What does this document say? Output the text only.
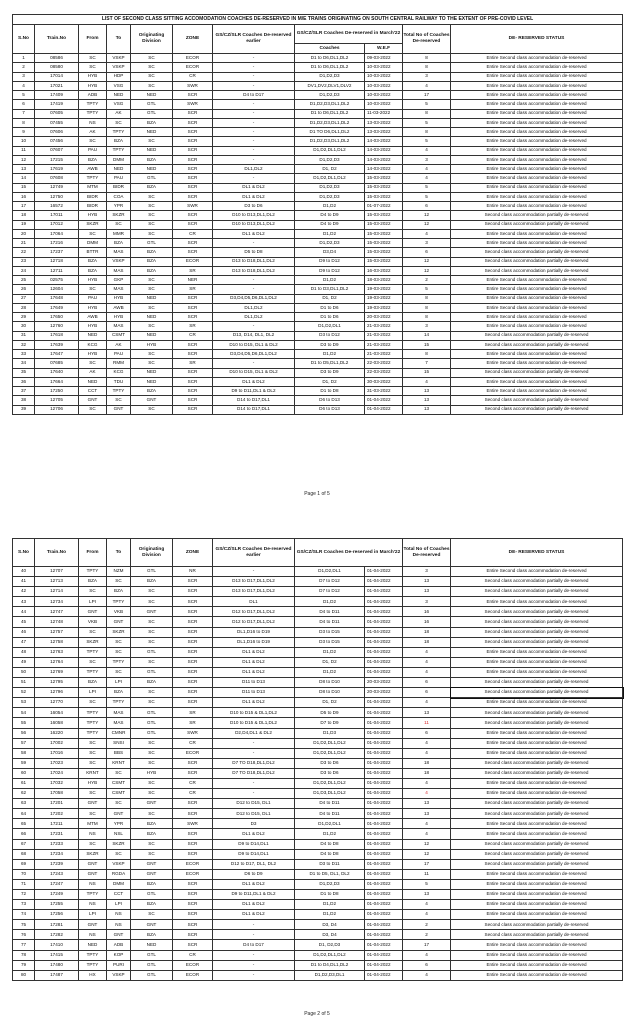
LIST OF SECOND CLASS SITTING ACCOMODATION COACHES DE-RESERVED IN M/E TRAINS ORIGINATING ON SOUTH CENTRAL RAILWAY TO THE EXTENT OF PRE-COVID LEVEL										
S.No	Train.No	From	To	Originating Division	ZONE	GS/CZ/SLR Coaches De-reserved earlier	GS/CZ/SLR Coaches De-reserved in March'22		Total No of Coaches De-reserved	DE- RESERVED STATUS
							Coaches	W.E.F		
1	08586	SC	VSKP	SC	ECOR	-	D1 to D6,DL1,DL2	09-03-2022	8	Entire Second class accommodation de-reserved
2	08580	SC	VSKP	SC	ECOR	-	D1 to D6,DL1,DL2	10-03-2022	8	Entire Second class accommodation de-reserved
3	17014	HYB	HDP	SC	CR	-	D1,D2,D3	10-03-2022	3	Entire Second class accommodation de-reserved
4	17021	HYB	VSG	SC	SWR	-	DV1,DV2,DLV1,DLV2	10-03-2022	4	Entire Second class accommodation de-reserved
5	17409	ADB	NED	NED	SCR	D4 to D17	D1,D2,D3	10-03-2022	17	Entire Second class accommodation de-reserved
6	17419	TPTY	VSG	GTL	SWR	-	D1,D2,D3,DL1,DL2	10-03-2022	5	Entire Second class accommodation de-reserved
7	07605	TPTY	AK	GTL	SCR	-	D1 to D6,DL1,DL2	11-03-2022	8	Entire Second class accommodation de-reserved
8	07455	NS	SC	BZA	SCR	-	D1,D2,D3,DL1,DL2	13-03-2022	5	Entire Second class accommodation de-reserved
9	07606	AK	TPTY	NED	SCR	-	D1 TO D6,DL1,DL2	13-03-2022	8	Entire Second class accommodation de-reserved
10	07456	SC	BZA	SC	SCR	-	D1,D2,D3,DL1,DL2	14-03-2022	5	Entire Second class accommodation de-reserved
11	07607	PAU	TPTY	NED	SCR	-	D1,D2,DL1,DL2	14-03-2022	4	Entire Second class accommodation de-reserved
12	17215	BZA	DMM	BZA	SCR	-	D1,D2,D3	14-03-2022	3	Entire Second class accommodation de-reserved
13	17619	AWB	NED	NED	SCR	DL1,DL2	D1, D2	14-03-2022	4	Entire Second class accommodation de-reserved
14	07608	TPTY	PAU	GTL	SCR	-	D1,D2,DL1,DL2	15-03-2022	4	Entire Second class accommodation de-reserved
15	12749	MTM	BIDR	BZA	SCR	DL1 & DL2	D1,D2,D3	15-03-2022	5	Entire Second class accommodation de-reserved
16	12750	BIDR	COA	SC	SCR	DL1 & DL2	D1,D2,D3	15-03-2022	5	Entire Second class accommodation de-reserved
17	16572	BIDR	YPR	SC	SWR	D3 to D6	D1,D2	01-07-2022	6	Entire Second class accommodation de-reserved
18	17011	HYB	SKZR	SC	SCR	D10 to D13,DL1,DL2	D4 to D9	15-03-2022	12	Second class accommodation partially de-reserved
19	17012	SKZR	SC	SC	SCR	D10 to D13,DL1,DL2	D4 to D9	15-03-2022	12	Second class accommodation partially de-reserved
20	17064	SC	MMR	SC	CR	DL1 & DL2	D1,D2	15-03-2022	4	Entire Second class accommodation de-reserved
21	17216	DMM	BZA	GTL	SCR	-	D1,D2,D3	15-03-2022	3	Entire Second class accommodation de-reserved
22	17237	BTTR	MAS	BZA	SCR	D5 to D8	D3,D4	15-03-2022	6	Second class accommodation partially de-reserved
23	12718	BZA	VSKP	BZA	ECOR	D13 to D18,DL1,DL2	D9 to D12	15-03-2022	12	Second class accommodation partially de-reserved
24	12711	BZA	MAS	BZA	SR	D13 to D18,DL1,DL2	D9 to D12	16-03-2022	12	Second class accommodation partially de-reserved
25	02575	HYB	GKP	SC	NER	-	D1,D2	18-03-2022	2	Entire Second class accommodation de-reserved
26	12604	SC	MAS	SC	SR	-	D1 to D3,DL1,DL2	19-03-2022	5	Entire Second class accommodation de-reserved
27	17648	PAU	HYB	NED	SCR	D3,D4,D5,D6,DL1,DL2	D1, D2	19-03-2022	8	Entire Second class accommodation de-reserved
28	17649	HYB	AWB	SC	SCR	DL1,DL2	D1 to D6	19-03-2022	8	Entire Second class accommodation de-reserved
29	17650	AWB	HYB	NED	SCR	DL1,DL2	D1 to D6	20-03-2022	8	Entire Second class accommodation de-reserved
30	12760	HYB	MAS	SC	SR	-	D1,D2,DL1	21-03-2022	3	Entire Second class accommodation de-reserved
31	17618	NED	CSMT	NED	CR	D13, D14, DL1, DL2	D3 to D12	21-03-2022	14	Second class accommodation partially de-reserved
32	17639	KCG	AK	HYB	SCR	D10 to D15, DL1 & DL2	D3 to D9	21-03-2022	15	Second class accommodation partially de-reserved
33	17647	HYB	PAU	SC	SCR	D3,D4,D5,D6,DL1,DL2	D1,D2	21-03-2022	8	Entire Second class accommodation de-reserved
34	07685	SC	RMM	SC	SR	-	D1 to D5,DL1,DL2	22-03-2022	7	Entire Second class accommodation de-reserved
35	17640	AK	KCG	NED	SCR	D10 to D15, DL1 & DL2	D3 to D9	22-03-2022	15	Second class accommodation partially de-reserved
36	17664	NED	TDU	NED	SCR	DL1 & DL2	D1, D2	30-03-2022	4	Entire Second class accommodation de-reserved
37	17250	CCT	TPTY	BZA	SCR	D9 to D11,DL1 & DL2	D1 to D8	31-03-2022	13	Entire Second class accommodation de-reserved
38	12705	GNT	SC	GNT	SCR	D14 to D17,DL1	D6 to D13	01-04-2022	13	Second class accommodation partially de-reserved
39	12706	SC	GNT	SC	SCR	D14 to D17,DL1	D6 to D13	01-04-2022	13	Second class accommodation partially de-reserved
Page 1 of 5
S.No	Train.No	From	To	Originating Division	ZONE	GS/CZ/SLR Coaches De-reserved earlier	GS/CZ/SLR Coaches De-reserved in March'22		Total No of Coaches De-reserved	DE- RESERVED STATUS
40	12707	TPTY	NZM	GTL	NR	-	D1,D2,DL1	01-04-2022	3	Entire Second class accommodation de-reserved
41	12713	BZA	SC	BZA	SCR	D13 to D17,DL1,DL2	D7 to D12	01-04-2022	13	Second class accommodation partially de-reserved
42	12714	SC	BZA	SC	SCR	D13 to D17,DL1,DL2	D7 to D12	01-04-2022	13	Second class accommodation partially de-reserved
43	12734	LPI	TPTY	SC	SCR	DL1	D1,D2	01-04-2022	3	Entire Second class accommodation de-reserved
44	12747	GNT	VKB	GNT	SCR	D12 to D17,DL1,DL2	D4 to D11	01-04-2022	16	Second class accommodation partially de-reserved
45	12748	VKB	GNT	SC	SCR	D12 to D17,DL1,DL2	D4 to D11	01-04-2022	16	Second class accommodation partially de-reserved
46	12757	SC	SKZR	SC	SCR	DL1,D16 to D19	D3 to D15	01-04-2022	18	Second class accommodation partially de-reserved
47	12758	SKZR	SC	SC	SCR	DL1,D16 to D19	D3 to D15	01-04-2022	18	Second class accommodation partially de-reserved
48	12763	TPTY	SC	GTL	SCR	DL1 & DL2	D1,D2	01-04-2022	4	Entire Second class accommodation de-reserved
49	12764	SC	TPTY	SC	SCR	DL1 & DL2	D1, D2	01-04-2022	4	Entire Second class accommodation de-reserved
50	12769	TPTY	SC	GTL	SCR	DL1 & DL2	D1,D2	01-04-2022	4	Entire Second class accommodation de-reserved
51	12795	BZA	LPI	BZA	SCR	D11 to D13	D8 to D10	20-03-2022	6	Second class accommodation partially de-reserved
52	12796	LPI	BZA	SC	SCR	D11 to D13	D8 to D10	20-03-2022	6	Second class accommodation partially de-reserved
53	12770	SC	TPTY	SC	SCR	DL1 & DL2	D1, D2	01-04-2022	4	Entire Second class accommodation de-reserved
54	16054	TPTY	MAS	GTL	SR	D10 to D15 & DL1,DL2	D5 to D9	01-04-2022	13	Second class accommodation partially de-reserved
55	16058	TPTY	MAS	GTL	SR	D10 to D15 & DL1,DL2	D7 to D9	01-04-2022	11	Second class accommodation partially de-reserved
56	16220	TPTY	CMNR	GTL	SWR	D2,D4,DL1 & DL2	D1,D3	01-04-2022	6	Entire Second class accommodation de-reserved
57	17002	SC	SNSI	SC	CR	-	D1,D2,DL1,DL2	01-04-2022	4	Entire Second class accommodation de-reserved
58	17016	SC	BBS	SC	ECOR	-	D1,D2,DL1,DL2	01-04-2022	4	Entire Second class accommodation de-reserved
59	17023	SC	KRNT	SC	SCR	D7 TO D18,DL1,DL2	D3 to D6	01-04-2022	18	Second class accommodation partially de-reserved
60	17024	KRNT	SC	HYB	SCR	D7 TO D18,DL1,DL2	D3 to D6	01-04-2022	18	Second class accommodation partially de-reserved
61	17032	HYB	CSMT	SC	CR	-	D1,D2,DL1,DL2	01-04-2022	4	Entire Second class accommodation de-reserved
62	17058	SC	CSMT	SC	CR	-	D1,D3,DL1,DL2	01-04-2022	4	Entire Second class accommodation de-reserved
63	17201	GNT	SC	GNT	SCR	D12 to D15, DL1	D4 to D11	01-04-2022	13	Second class accommodation partially de-reserved
64	17202	SC	GNT	SC	SCR	D12 to D15, DL1	D4 to D11	01-04-2022	13	Second class accommodation partially de-reserved
65	17211	MTM	YPR	BZA	SWR	D3	D1,D2,DL1	01-04-2022	4	Entire Second class accommodation de-reserved
66	17231	NS	NSL	BZA	SCR	DL1 & DL2	D1,D2	01-04-2022	4	Entire Second class accommodation de-reserved
67	17233	SC	SKZR	SC	SCR	D9 to D14,DL1	D4 to D8	01-04-2022	12	Second class accommodation partially de-reserved
68	17234	SKZR	SC	SC	SCR	D9 to D14,DL1	D4 to D8	01-04-2022	12	Second class accommodation partially de-reserved
69	17239	GNT	VSKP	GNT	ECOR	D12 to D17, DL1, DL2	D3 to D11	01-04-2022	17	Second class accommodation partially de-reserved
70	17243	GNT	RGDA	GNT	ECOR	D6 to D9	D1 to D5, DL1, DL2	01-04-2022	11	Entire Second class accommodation de-reserved
71	17247	NS	DMM	BZA	SCR	DL1 & DL2	D1,D2,D3	01-04-2022	5	Entire Second class accommodation de-reserved
72	17249	TPTY	CCT	GTL	SCR	D9 to D11,DL1 & DL2	D1 to D8	01-04-2022	13	Entire Second class accommodation de-reserved
73	17255	NS	LPI	BZA	SCR	DL1 & DL2	D1,D2	01-04-2022	4	Entire Second class accommodation de-reserved
74	17256	LPI	NS	SC	SCR	DL1 & DL2	D1,D2	01-04-2022	4	Entire Second class accommodation de-reserved
75	17281	GNT	NS	GNT	SCR	-	D3, D4	01-04-2022	2	Second class accommodation partially de-reserved
76	17282	NS	GNT	BZA	SCR	-	D3, D4	01-04-2022	2	Second class accommodation partially de-reserved
77	17410	NED	ADB	NED	SCR	D4 to D17	D1, D2,D3	01-04-2022	17	Entire Second class accommodation de-reserved
78	17415	TPTY	KOP	GTL	CR	-	D1,D2,DL1,DL2	01-04-2022	4	Entire Second class accommodation de-reserved
79	17480	TPTY	PURI	GTL	ECOR	-	D1 to D4,DL1,DL2	01-04-2022	6	Entire Second class accommodation de-reserved
80	17487	HX	VSKP	GTL	ECOR	-	D1,D2,D3,DL1	01-04-2022	4	Entire Second class accommodation de-reserved
Page 2 of 5
